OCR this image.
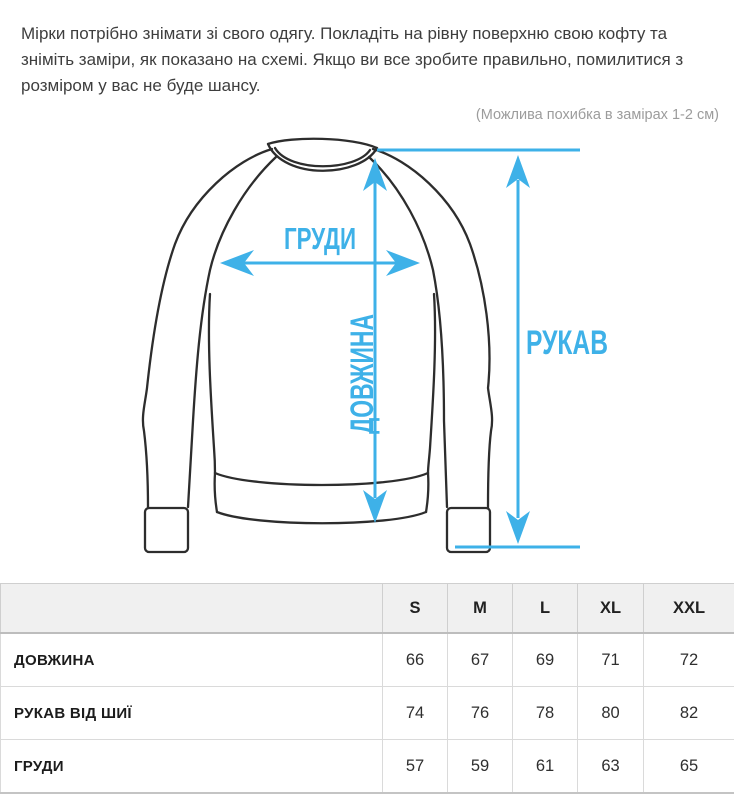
Мірки потрібно знімати зі свого одягу. Покладіть на рівну поверхню свою кофту та зніміть заміри, як показано на схемі. Якщо ви все зробите правильно, помилитися з розміром у вас не буде шансу.

(Можлива похибка в замірах 1-2 см)
ГРУДИ
ДОВЖИНА	РУКАВ
	S	M	L	XL	XXL
ДОВЖИНА	66	67	69	71	72
РУКАВ ВІД ШИЇ	74	76	78	80	82
ГРУДИ	57	59	61	63	65
